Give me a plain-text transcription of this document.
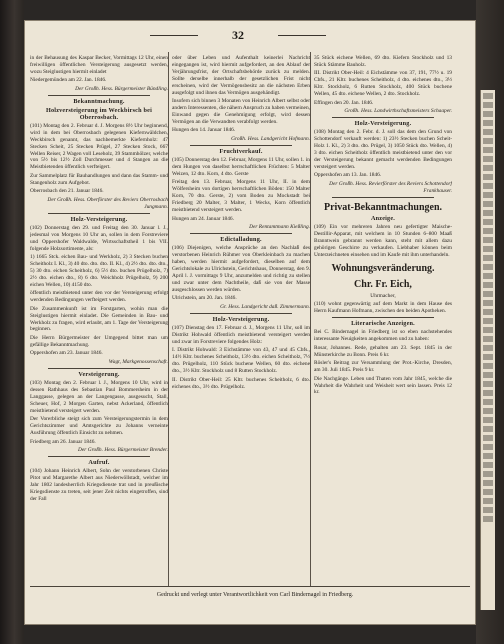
32

in der Behausung des Kaspar Becker, Vormittags 12 Uhr, einen freiwilligen öffentlichen Versteigerung ausgesetzt werden, wozu Steiglustigen hiermit einladet

Niedergemünden am 22. Jan. 1846.

Der Großh. Hess. Bürgermeister Bündling.

Bekanntmachung.

Holzversteigerung im Weckbirsch bei Oberrosbach.

(101) Montag den 2. Februar d. J. Morgens 8½ Uhr beginnend, wird in dem bei Oberrosbach gelegenen Kiefernwäldchen, Weckbirsch genannt, das nachbemerkte Kiefernholz: 47 Stecken Scheit, 25 Stecken Prügel, 27 Stecken Stock, 667 Wellen Reiser, 2 Wagen voll Leseholz, 39 Stammhölzer, welche von 5½ bis 12½ Zoll Durchmesser und 4 Stangen an die Meistbietenden öffentlich verfteigert.

Zur Sammelplatz für Bauhandlungen und dann das Stamm- und Stangenholz zum Aufgebot.

Oberrosbach den 21. Januar 1846.

Der Großh. Hess. Oberförster des Reviers Oberrosbach Jungmann.

Holz-Versteigerung.

(102) Donnerstag den 29. und Freitag den 30. Januar l. J., jedesmal von Morgens 10 Uhr an, sollen in dem Forstreviere und Oppershofer Waldwalde, Wirtsschaftstheil 1 bis VII. folgende Holzsortimente, als:

1) 1665 Stck. eichen Bau- und Werkholz, 2) 3 Stecken buchen Scheitholz I. Kl., 3) 40 dto. dto. dto. II. Kl., 4) 2½ dto. dto. dto., 5) 30 dto. eichen Scheitholz, 6) 5½ dto. buchen Prügelholz, 7) 2½ dto. eichen dto., 8) 6 dto. Weichholz Prügelholz, 9) 200 eichen Wellen, 10) 4150 dto.

öffentlich meistbietend unter den vor der Versteigerung erfolgt werdenden Bedingungen verfteigert werden.

Die Zusammenkunft ist im Forstgarten, wohin man die Steiglustigen hiermit einladet. Die Gemeinden in Bau- und Werkholz zu fragen, wird erlaubt, am 1. Tage der Versteigerung beginnen.

Die Herrn Bürgermeister der Umgegend bittet man um gefällige Bekanntmachung.

Oppershofen am 23. Januar 1846.

Wagt, Markgenossenschaft.

Versteigerung.

(103) Montag den 2. Februar l. J., Morgens 10 Uhr, wird in dessen Rathhaus des Sebastian Paul Bommersheim in der Langgasse, gelegen an der Langengasse, ausgesucht, Stall, Scheuer, Hof, 2 Morgen Garten, nebst Ackerland, öffentlich meistbietend versteigert werden.

Der Vorerbliche steigt sich zum Versteigerungstermin in dem Gerichtszimmer und Amtsgerichte zu Johanns verneinte Ausführung öffentlich Einsicht zu nehmen.

Friedberg am 26. Januar 1846.

Der Großh. Hess. Bürgermeister Brender.

Aufruf.

(104) Johann Heinrich Albert, Sohn der verstorbenen Christe Pitot und Margarethe Albert aus Niederwöllstadt, welcher im Jahr 1802 landesherrlich Kriegsdienste trat und in preußische Kriegsdienste zu treten, seit jener Zeit nichts eingetroffen, sind der Fall

oder über Leben und Aufenthalt keinerlei Nachricht eingegangen ist, wird hiermit aufgefordert, an den Ablauf der Verjährungsfrist, der Ortschaftsbehörde zurück zu melden. Sollte derselbe innerhalb der gesetzlichen Frist nicht erscheinen, wird der Vermögensbesitz an die nächsten Erben ausgefolgt und ihnen das Vermögen ausgehändigt.

Insofern sich binnen 3 Monaten von Heinrich Albert selbst oder andern Interessenten, die nähern Anspruch zu haben vermeinen, Einwand gegen die Genehmigung erfolgt, wird dessen Vermögen an die Verwandten verabfolgt werden.

Hungen den 14. Januar 1846.

Großh. Hess. Landgericht Hofmann.

Fruchtverkauf.

(105) Donnerstag den 12. Februar, Morgens 11 Uhr, sollen 1. in dem Hungen von daselbst herrschaftlichen Früchten: 5 Malter Weizen, 12 dto. Korn, 4 dto. Gerste

Freitag den 13. Februar, Morgens 11 Uhr, II. in dem Wölfersheim von dortigen herrschaftlichen Böden: 150 Malter Korn, 70 dto. Gerste, 2) vom Boden zu Mockstadt bei Friedberg 20 Malter, 3 Malter, 1 Wecks, Korn öffentlich meistbietend versteigert werden.

Hungen am 24. Januar 1846.

Der Rentamtmann Kießling.

Edictalladung.

(106) Diejenigen, welche Ansprüche an den Nachlaß des verstorbenen Heinrich Rühmer von Oberkleinbach zu machen haben, werden hiermit aufgefordert, dieselben auf dem Gerichtslokale zu Ulrichstein, Gerichtshaus, Donnerstag, den 9. April l. J. vormittags 9 Uhr, anzumelden und richtig zu stellen und zwar unter dem Nachtheile, daß sie von der Masse ausgeschlossen werden würden.

Ulrichstein, am 20. Jan. 1846.

Gr. Hess. Landgericht daß. Zimmermann.

Holz-Versteigerung.

(107) Dienstag den 17. Februar d. J., Morgens 11 Uhr, soll im Distrikt Hohwald öffentlich meistbietend versteigert werden und zwar im Forstreviere folgendes Holz:

I. Distrikt Hohwald: 3 Eichstämme von 43, 47 und 45 Cbfs., 14½ Kltr. buchenes Scheitholz, 13½ dto. eichen Scheitholz, 7½ dto. Prügelholz, 110 Stück buchene Wellen, 60 dto. eichene dto., 3½ Kltr. Stockholz und 8 Rutten Stockholz.

II. Distrikt Ober-Heil: 25 Kltr. buchenes Scheitholz, 6 dto. eichenes dto., 3½ dto. Prügelholz.

35 Stück eichene Wellen, 69 dto. Kiefern Stockholz und 13 Stück Stämme Bauholz.

III. Distrikt Ober-Heil: 4 Eichstämme von 37, 191, 77½ u. 19 Cbfs., 21 Kltr. buchenes Scheitholz, 4 dto. eichenes dto., 3½ Kltr. Stockholz, 6 Rutten Stockholz, 400 Stück buchene Wellen, 45 dto. eichene Wellen, 2 dto. Stockholz.

Effingen den 20. Jan. 1846.

Großh. Hess. Landwirthschaftsmeisters Schaaper.

Holz-Versteigerung.

(108) Montag den 2. Febr. d. J. soll das dem den Grund von Schottendorf verkauft werden: 1) 23½ Stecken buchen Scheit-Holz 1. Kl., 2) 3 dto. dto. Prügel, 3) 1050 Stück dto. Wellen, 4) 3 dto. eichen Scheitholz öffentlich meistbietend unter den vor der Versteigerung bekannt gemacht werdenden Bedingungen versteigert werden.

Oppershofen am 13. Jan. 1846.

Der Großh. Hess. Revierförster des Reviers Schottendorf Frankhauser.

Privat-Bekanntmachungen.

Anzeige.

(109) Ein vor mehreren Jahren neu gefertigter Maische-Destillir-Apparat, mit welchem in 10 Stunden 6–800 Maaß Branntwein gebrannt werden kann, steht mit allem dazu gehörigen Geschirre zu verkaufen. Liebhaber können beim Unterzeichneten einsehen und im Kaufe mit ihm unterhandeln.

Wohnungsveränderung.

Chr. Fr. Eich,

Uhrmacher,

(110) wohnt gegenwärtig auf dem Markt in dem Hause des Herrn Kaufmann Hofmann, zwischen den beiden Apotheken.

Literarische Anzeigen.

Bei C. Bindernagel in Friedberg ist so eben nachstehendes interessante Neuigkeiten angekommen und zu haben:

Rosar, Johannes. Rede, gehalten am 23. Sept. 1845 in der Münsterkirche zu Bonn. Preis 6 kr.

Rösler's Beitrag zur Versammlung der Prot.-Kirche, Dresden, am 30. Juli 1845. Preis 9 kr.

Die Nachgänge. Leben und Thaten vom Jahr 1845, welche die Wahrheit die Wahrheit und Weisheit wert sein lassen. Preis 12 kr.

Gedruckt und verlegt unter Verantwortlichkeit von Carl Bindernagel in Friedberg.
